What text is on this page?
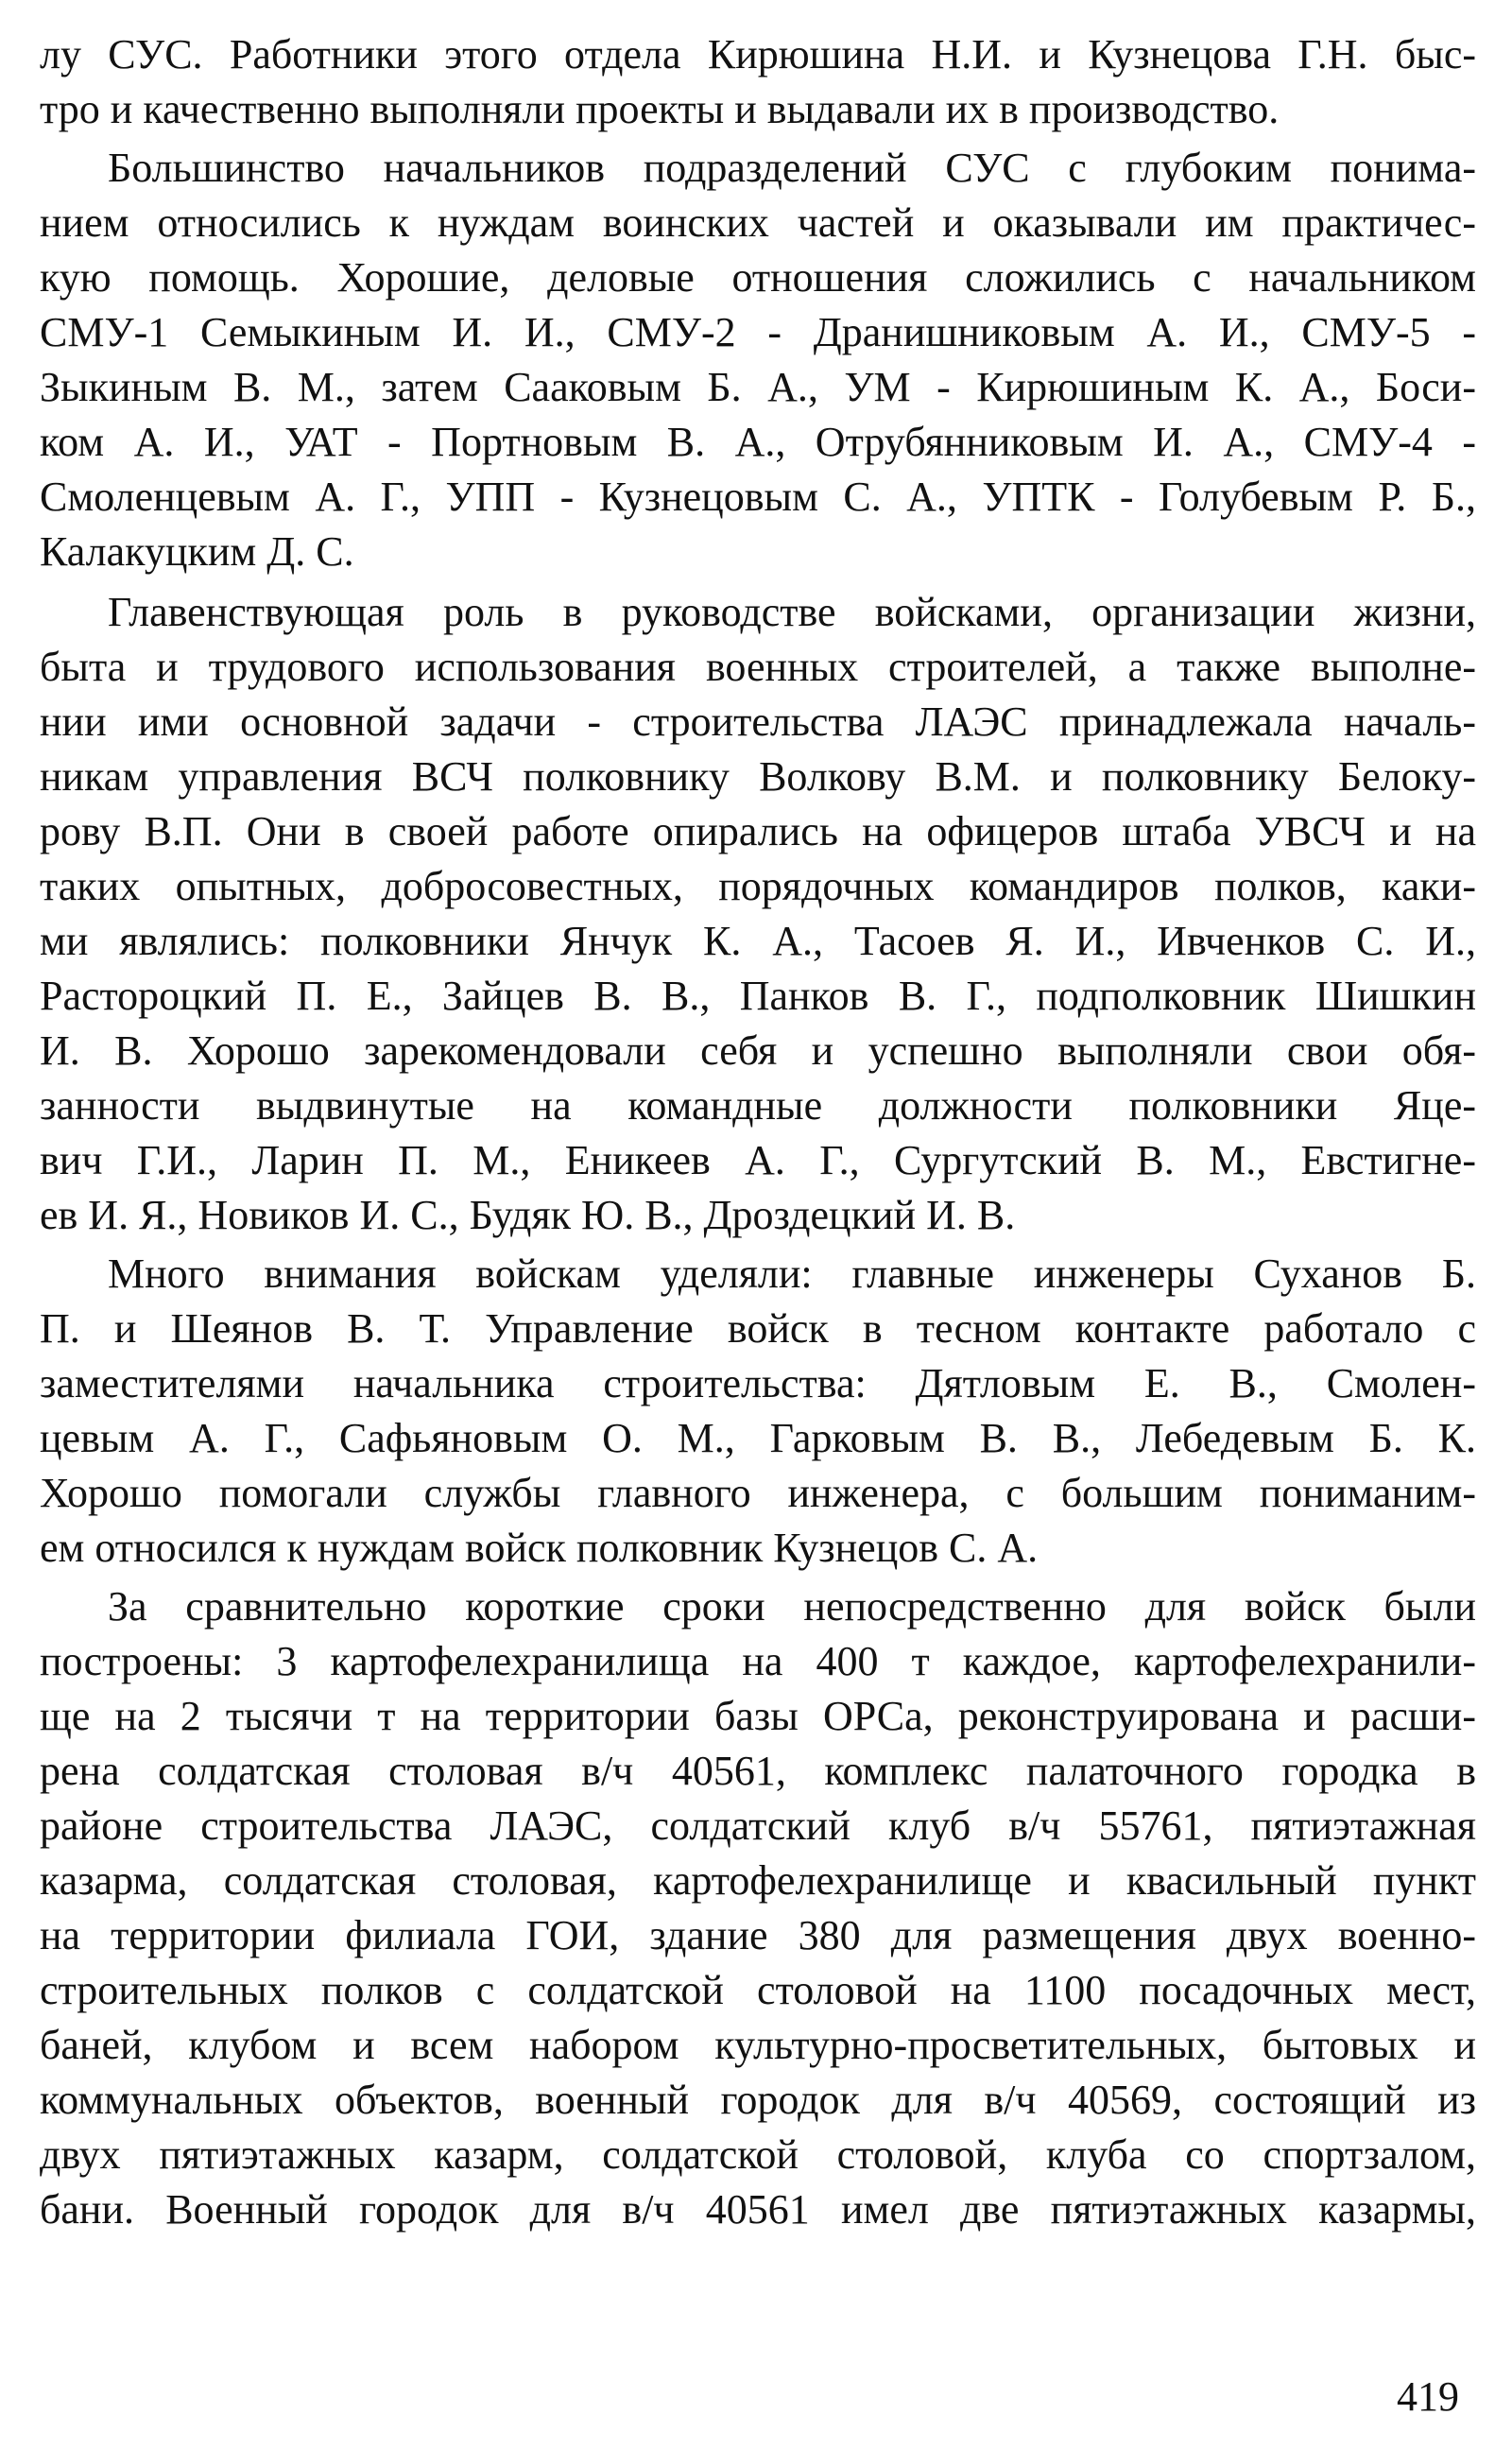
лу СУС. Работники этого отдела Кирюшина Н.И. и Кузнецова Г.Н. быс-
тро и качественно выполняли проекты и выдавали их в производство.
Большинство начальников подразделений СУС с глубоким понима-
нием относились к нуждам воинских частей и оказывали им практичес-
кую помощь. Хорошие, деловые отношения сложились с начальником
СМУ-1 Семыкиным И. И., СМУ-2 - Дранишниковым А. И., СМУ-5 -
Зыкиным В. М., затем Сааковым Б. А., УМ - Кирюшиным К. А., Боси-
ком А. И., УАТ - Портновым В. А., Отрубянниковым И. А., СМУ-4 -
Смоленцевым А. Г., УПП - Кузнецовым С. А., УПТК - Голубевым Р. Б.,
Калакуцким Д. С.
Главенствующая роль в руководстве войсками, организации жизни,
быта и трудового использования военных строителей, а также выполне-
нии ими основной задачи - строительства ЛАЭС принадлежала началь-
никам управления ВСЧ полковнику Волкову В.М. и полковнику Белоку-
рову В.П. Они в своей работе опирались на офицеров штаба УВСЧ и на
таких опытных, добросовестных, порядочных командиров полков, каки-
ми являлись: полковники Янчук К. А., Тасоев Я. И., Ивченков С. И.,
Растороцкий П. Е., Зайцев В. В., Панков В. Г., подполковник Шишкин
И. В. Хорошо зарекомендовали себя и успешно выполняли свои обя-
занности выдвинутые на командные должности полковники Яце-
вич Г.И., Ларин П. М., Еникеев А. Г., Сургутский В. М., Евстигне-
ев И. Я., Новиков И. С., Будяк Ю. В., Дроздецкий И. В.
Много внимания войскам уделяли: главные инженеры Суханов Б.
П. и Шеянов В. Т. Управление войск в тесном контакте работало с
заместителями начальника строительства: Дятловым Е. В., Смолен-
цевым А. Г., Сафьяновым О. М., Гарковым В. В., Лебедевым Б. К.
Хорошо помогали службы главного инженера, с большим пониманим-
ем относился к нуждам войск полковник Кузнецов С. А.
За сравнительно короткие сроки непосредственно для войск были
построены: 3 картофелехранилища на 400 т каждое, картофелехранили-
ще на 2 тысячи т на территории базы ОРСа, реконструирована и расши-
рена солдатская столовая в/ч 40561, комплекс палаточного городка в
районе строительства ЛАЭС, солдатский клуб в/ч 55761, пятиэтажная
казарма, солдатская столовая, картофелехранилище и квасильный пункт
на территории филиала ГОИ, здание 380 для размещения двух военно-
строительных полков с солдатской столовой на 1100 посадочных мест,
баней, клубом и всем набором культурно-просветительных, бытовых и
коммунальных объектов, военный городок для в/ч 40569, состоящий из
двух пятиэтажных казарм, солдатской столовой, клуба со спортзалом,
бани. Военный городок для в/ч 40561 имел две пятиэтажных казармы,
419
